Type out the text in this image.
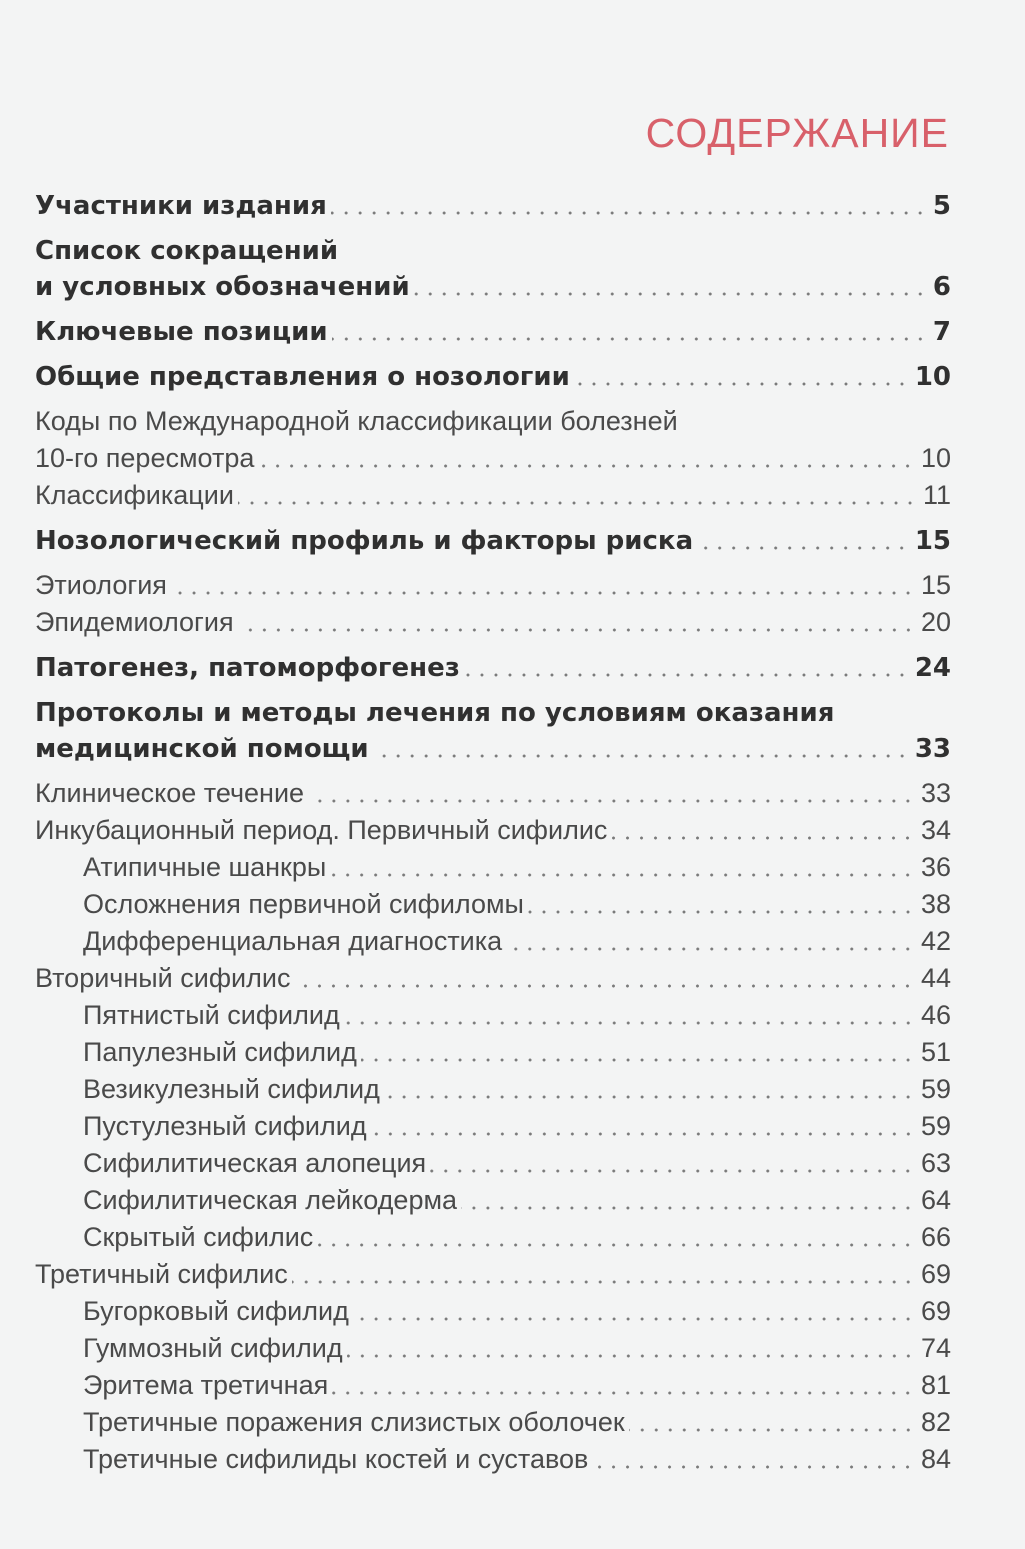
СОДЕРЖАНИЕ
Участники издания	5
Список сокращений
и условных обозначений	6
Ключевые позиции	7
Общие представления о нозологии	10
Коды по Международной классификации болезней
10-го пересмотра	10
Классификации	11
Нозологический профиль и факторы риска	15
Этиология	15
Эпидемиология	20
Патогенез, патоморфогенез	24
Протоколы и методы лечения по условиям оказания
медицинской помощи	33
Клиническое течение	33
Инкубационный период. Первичный сифилис	34
Атипичные шанкры	36
Осложнения первичной сифиломы	38
Дифференциальная диагностика	42
Вторичный сифилис	44
Пятнистый сифилид	46
Папулезный сифилид	51
Везикулезный сифилид	59
Пустулезный сифилид	59
Сифилитическая алопеция	63
Сифилитическая лейкодерма	64
Скрытый сифилис	66
Третичный сифилис	69
Бугорковый сифилид	69
Гуммозный сифилид	74
Эритема третичная	81
Третичные поражения слизистых оболочек	82
Третичные сифилиды костей и суставов	84
